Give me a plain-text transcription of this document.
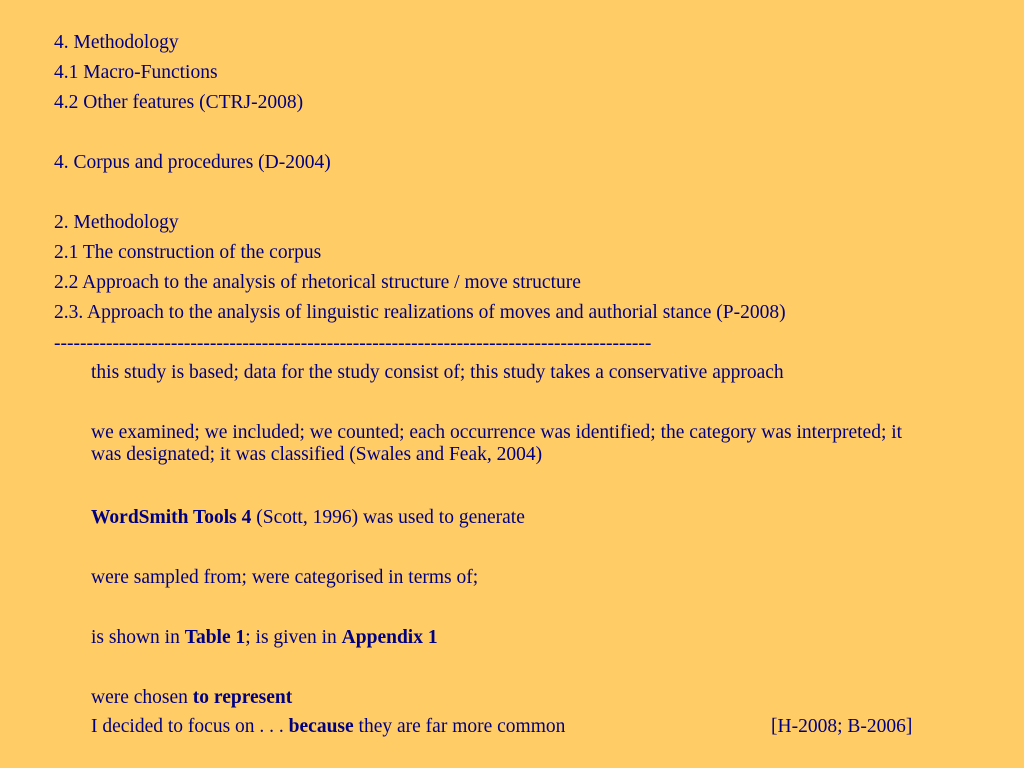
4. Methodology
4.1 Macro-Functions
4.2 Other features (CTRJ-2008)
4. Corpus and procedures (D-2004)
2. Methodology
2.1 The construction of the corpus
2.2 Approach to the analysis of rhetorical structure / move structure
2.3. Approach to the analysis of linguistic realizations of moves and authorial stance (P-2008)
--------------------------------------------------------------------------------------------
this study is based; data for the study consist of; this study takes a conservative approach
we examined; we included; we counted; each occurrence was identified; the category was interpreted; it was designated; it was classified (Swales and Feak, 2004)
WordSmith Tools 4 (Scott, 1996) was used to generate
were sampled from; were categorised in terms of;
is shown in Table 1; is given in Appendix 1
were chosen to represent
I decided to focus on . . . because they are far more common	[H-2008; B-2006]
